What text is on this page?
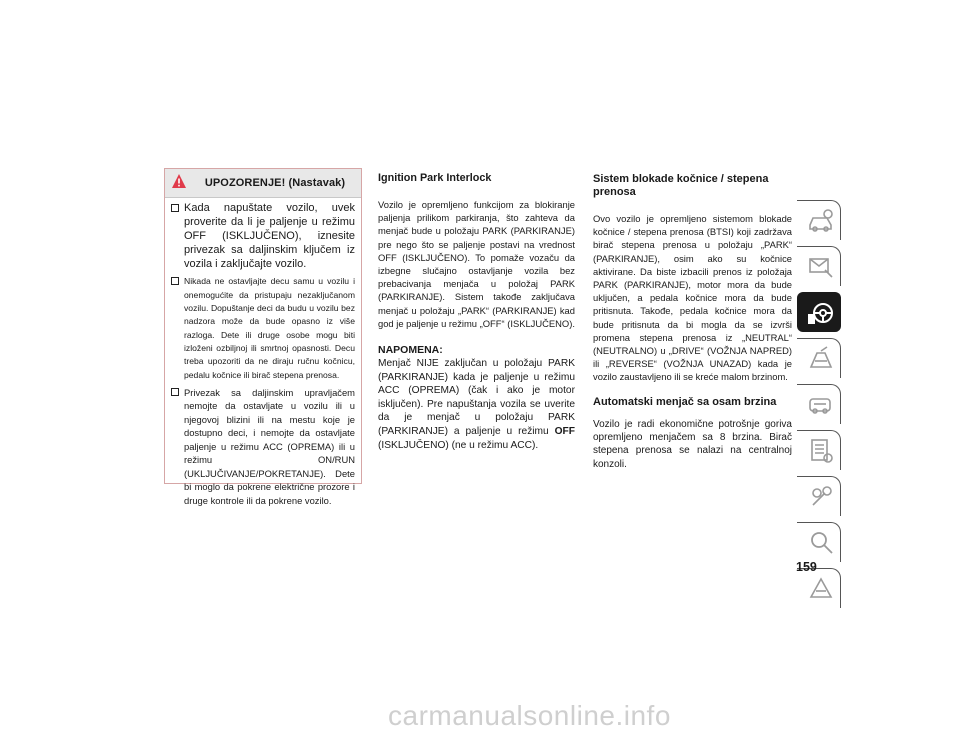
UPOZORENJE! (Nastavak)
Kada napuštate vozilo, uvek proverite da li je paljenje u režimu OFF (ISKLJUČENO), iznesite privezak sa daljinskim ključem iz vozila i zaključajte vozilo.
Nikada ne ostavljajte decu samu u vozilu i onemogućite da pristupaju nezaključanom vozilu. Dopuštanje deci da budu u vozilu bez nadzora može da bude opasno iz više razloga. Dete ili druge osobe mogu biti izloženi ozbiljnoj ili smrtnoj opasnosti. Decu treba upozoriti da ne diraju ručnu kočnicu, pedalu kočnice ili birač stepena prenosa.
Privezak sa daljinskim upravljačem nemojte da ostavljate u vozilu ili u njegovoj blizini ili na mestu koje je dostupno deci, i nemojte da ostavljate paljenje u režimu ACC (OPREMA) ili u režimu ON/RUN (UKLJUČIVANJE/POKRETANJE). Dete bi moglo da pokrene električne prozore i druge kontrole ili da pokrene vozilo.
Ignition Park Interlock

Vozilo je opremljeno funkcijom za blokiranje paljenja prilikom parkiranja, što zahteva da menjač bude u položaju PARK (PARKIRANJE) pre nego što se paljenje postavi na vrednost OFF (ISKLJUČENO). To pomaže vozaču da izbegne slučajno ostavljanje vozila bez prebacivanja menjača u položaj PARK (PARKIRANJE). Sistem takođe zaključava menjač u položaju „PARK“ (PARKIRANJE) kad god je paljenje u režimu „OFF“ (ISKLJUČENO).

NAPOMENA:

Menjač NIJE zaključan u položaju PARK (PARKIRANJE) kada je paljenje u režimu ACC (OPREMA) (čak i ako je motor isključen). Pre napuštanja vozila se uverite da je menjač u položaju PARK (PARKIRANJE) a paljenje u režimu OFF (ISKLJUČENO) (ne u režimu ACC).

Sistem blokade kočnice / stepena prenosa

Ovo vozilo je opremljeno sistemom blokade kočnice / stepena prenosa (BTSI) koji zadržava birač stepena prenosa u položaju „PARK“ (PARKIRANJE), osim ako su kočnice aktivirane. Da biste izbacili prenos iz položaja PARK (PARKIRANJE), motor mora da bude uključen, a pedala kočnice mora da bude pritisnuta. Takođe, pedala kočnice mora da bude pritisnuta da bi mogla da se izvrši promena stepena prenosa iz „NEUTRAL“ (NEUTRALNO) u „DRIVE“ (VOŽNJA NAPRED) ili „REVERSE“ (VOŽNJA UNAZAD) kada je vozilo zaustavljeno ili se kreće malom brzinom.

Automatski menjač sa osam brzina

Vozilo je radi ekonomične potrošnje goriva opremljeno menjačem sa 8 brzina. Birač stepena prenosa se nalazi na centralnoj konzoli.

159
carmanualsonline.info
